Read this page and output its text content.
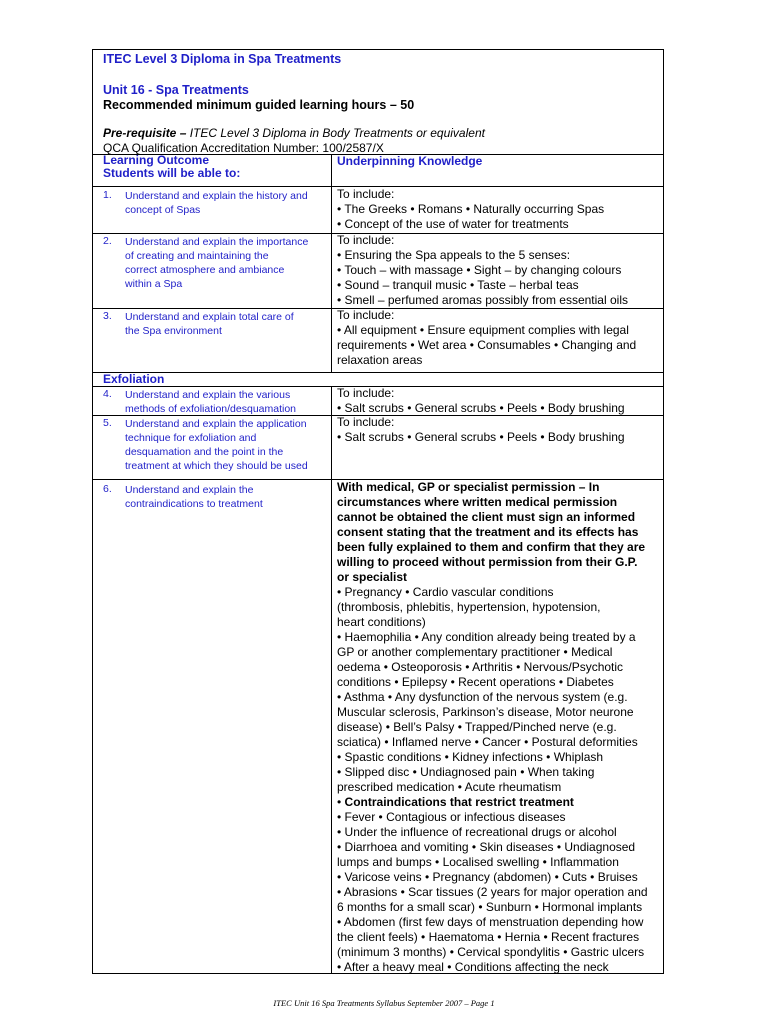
ITEC Level 3 Diploma in Spa Treatments
Unit 16 - Spa Treatments
Recommended minimum guided learning hours – 50
Pre-requisite – ITEC Level 3 Diploma in Body Treatments or equivalent
QCA Qualification Accreditation Number: 100/2587/X
Learning Outcome
Students will be able to:
Underpinning Knowledge
1. Understand and explain the history and
concept of Spas
To include:
• The Greeks • Romans • Naturally occurring Spas
• Concept of the use of water for treatments
2. Understand and explain the importance
of creating and maintaining the
correct atmosphere and ambiance
within a Spa
To include:
• Ensuring the Spa appeals to the 5 senses:
• Touch – with massage • Sight – by changing colours
• Sound – tranquil music • Taste – herbal teas
• Smell – perfumed aromas possibly from essential oils
3. Understand and explain total care of
the Spa environment
To include:
• All equipment • Ensure equipment complies with legal
requirements • Wet area • Consumables • Changing and
relaxation areas
Exfoliation
4. Understand and explain the various
methods of exfoliation/desquamation
To include:
• Salt scrubs • General scrubs • Peels • Body brushing
5. Understand and explain the application
technique for exfoliation and
desquamation and the point in the
treatment at which they should be used
To include:
• Salt scrubs • General scrubs • Peels • Body brushing
6. Understand and explain the
contraindications to treatment
With medical, GP or specialist permission – In
circumstances where written medical permission
cannot be obtained the client must sign an informed
consent stating that the treatment and its effects has
been fully explained to them and confirm that they are
willing to proceed without permission from their G.P.
or specialist
• Pregnancy • Cardio vascular conditions
(thrombosis, phlebitis, hypertension, hypotension,
heart conditions)
• Haemophilia • Any condition already being treated by a
GP or another complementary practitioner • Medical
oedema • Osteoporosis • Arthritis • Nervous/Psychotic
conditions • Epilepsy • Recent operations • Diabetes
• Asthma • Any dysfunction of the nervous system (e.g.
Muscular sclerosis, Parkinson’s disease, Motor neurone
disease) • Bell’s Palsy • Trapped/Pinched nerve (e.g.
sciatica) • Inflamed nerve • Cancer • Postural deformities
• Spastic conditions • Kidney infections • Whiplash
• Slipped disc • Undiagnosed pain • When taking
prescribed medication • Acute rheumatism
• Contraindications that restrict treatment
• Fever • Contagious or infectious diseases
• Under the influence of recreational drugs or alcohol
• Diarrhoea and vomiting • Skin diseases • Undiagnosed
lumps and bumps • Localised swelling • Inflammation
• Varicose veins • Pregnancy (abdomen) • Cuts • Bruises
• Abrasions • Scar tissues (2 years for major operation and
6 months for a small scar) • Sunburn • Hormonal implants
• Abdomen (first few days of menstruation depending how
the client feels) • Haematoma • Hernia • Recent fractures
(minimum 3 months) • Cervical spondylitis • Gastric ulcers
• After a heavy meal • Conditions affecting the neck
ITEC Unit 16 Spa Treatments Syllabus September 2007 – Page 1
